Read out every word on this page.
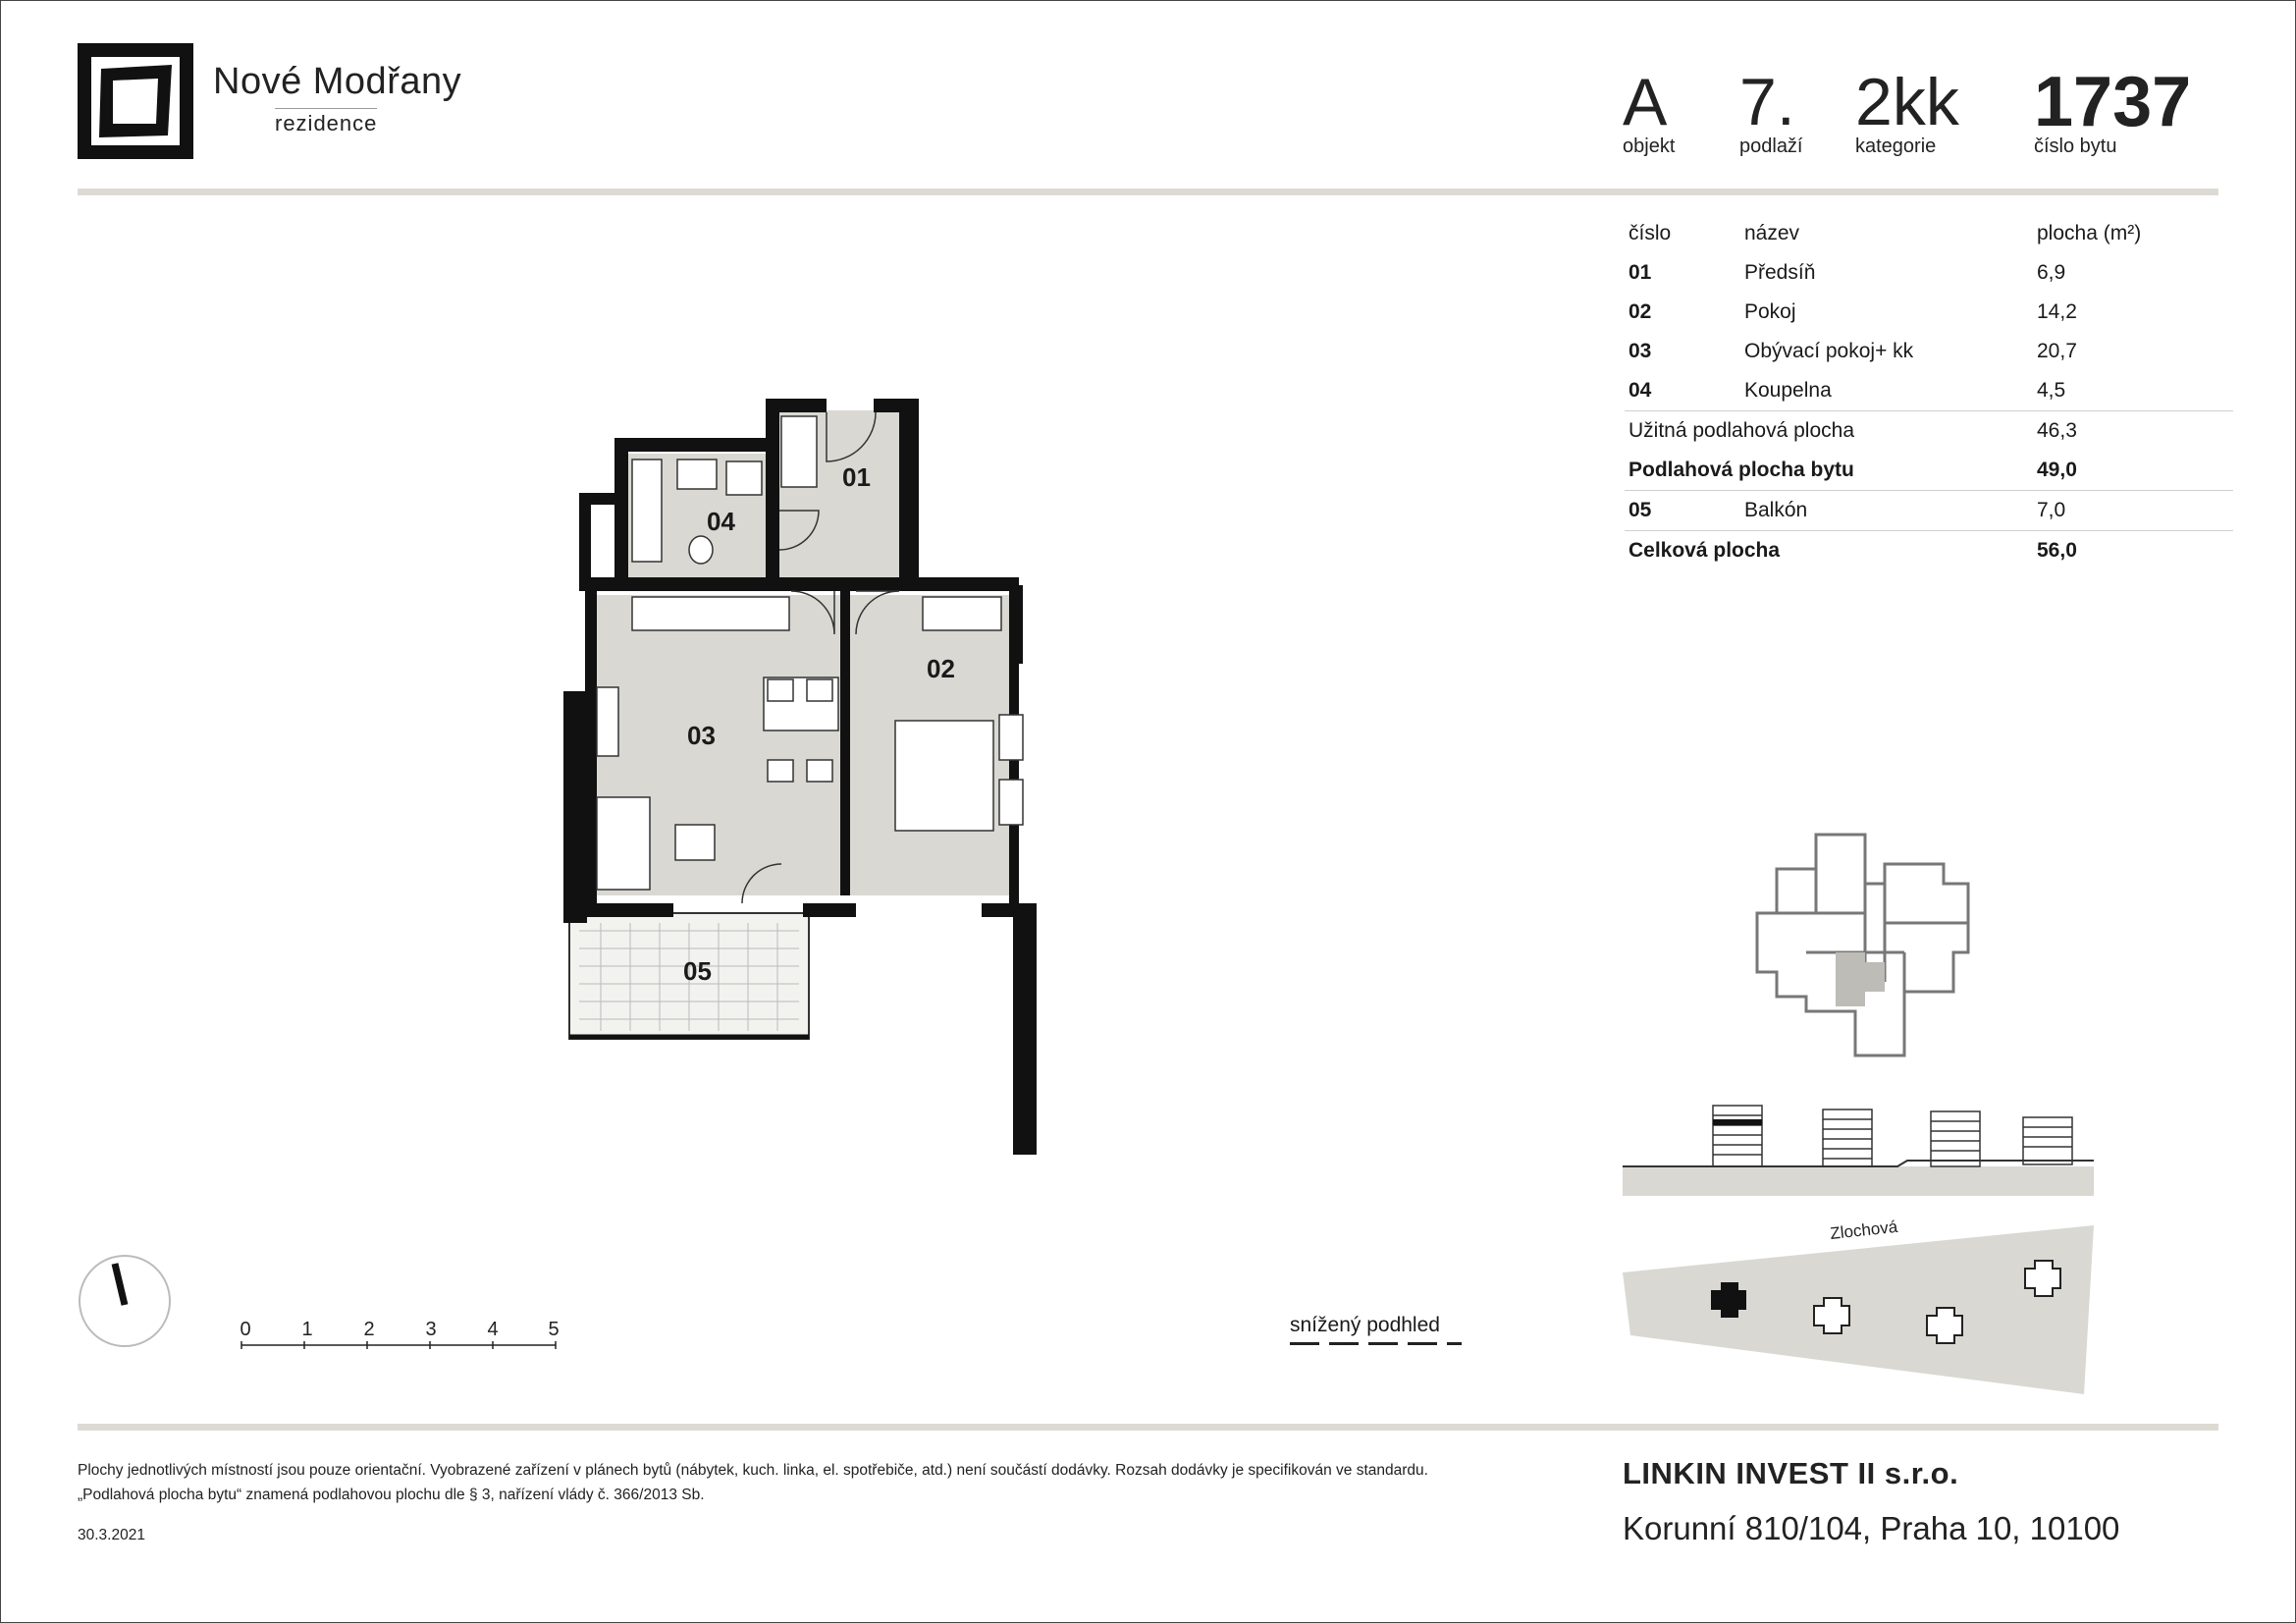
Nové Modřany
rezidence	A
objekt
7.
podlaží
2kk
kategorie
1737
číslo bytu
číslo	název	plocha (m²)
01	Předsíň	6,9
02	Pokoj	14,2
03	Obývací pokoj+ kk	20,7
04	Koupelna	4,5
Užitná podlahová plocha	46,3
Podlahová plocha bytu	49,0
05	Balkón	7,0
Celková plocha	56,0
01
02
03
04
05
0	1	2	3	4	5	snížený podhled
Zlochová
Plochy jednotlivých místností jsou pouze orientační. Vyobrazené zařízení v plánech bytů (nábytek, kuch. linka, el. spotřebiče, atd.) není součástí dodávky. Rozsah dodávky je specifikován ve standardu.
„Podlahová plocha bytu“ znamená podlahovou plochu dle § 3, nařízení vlády č. 366/2013 Sb.
30.3.2021
LINKIN INVEST II s.r.o.
Korunní 810/104, Praha 10, 10100
